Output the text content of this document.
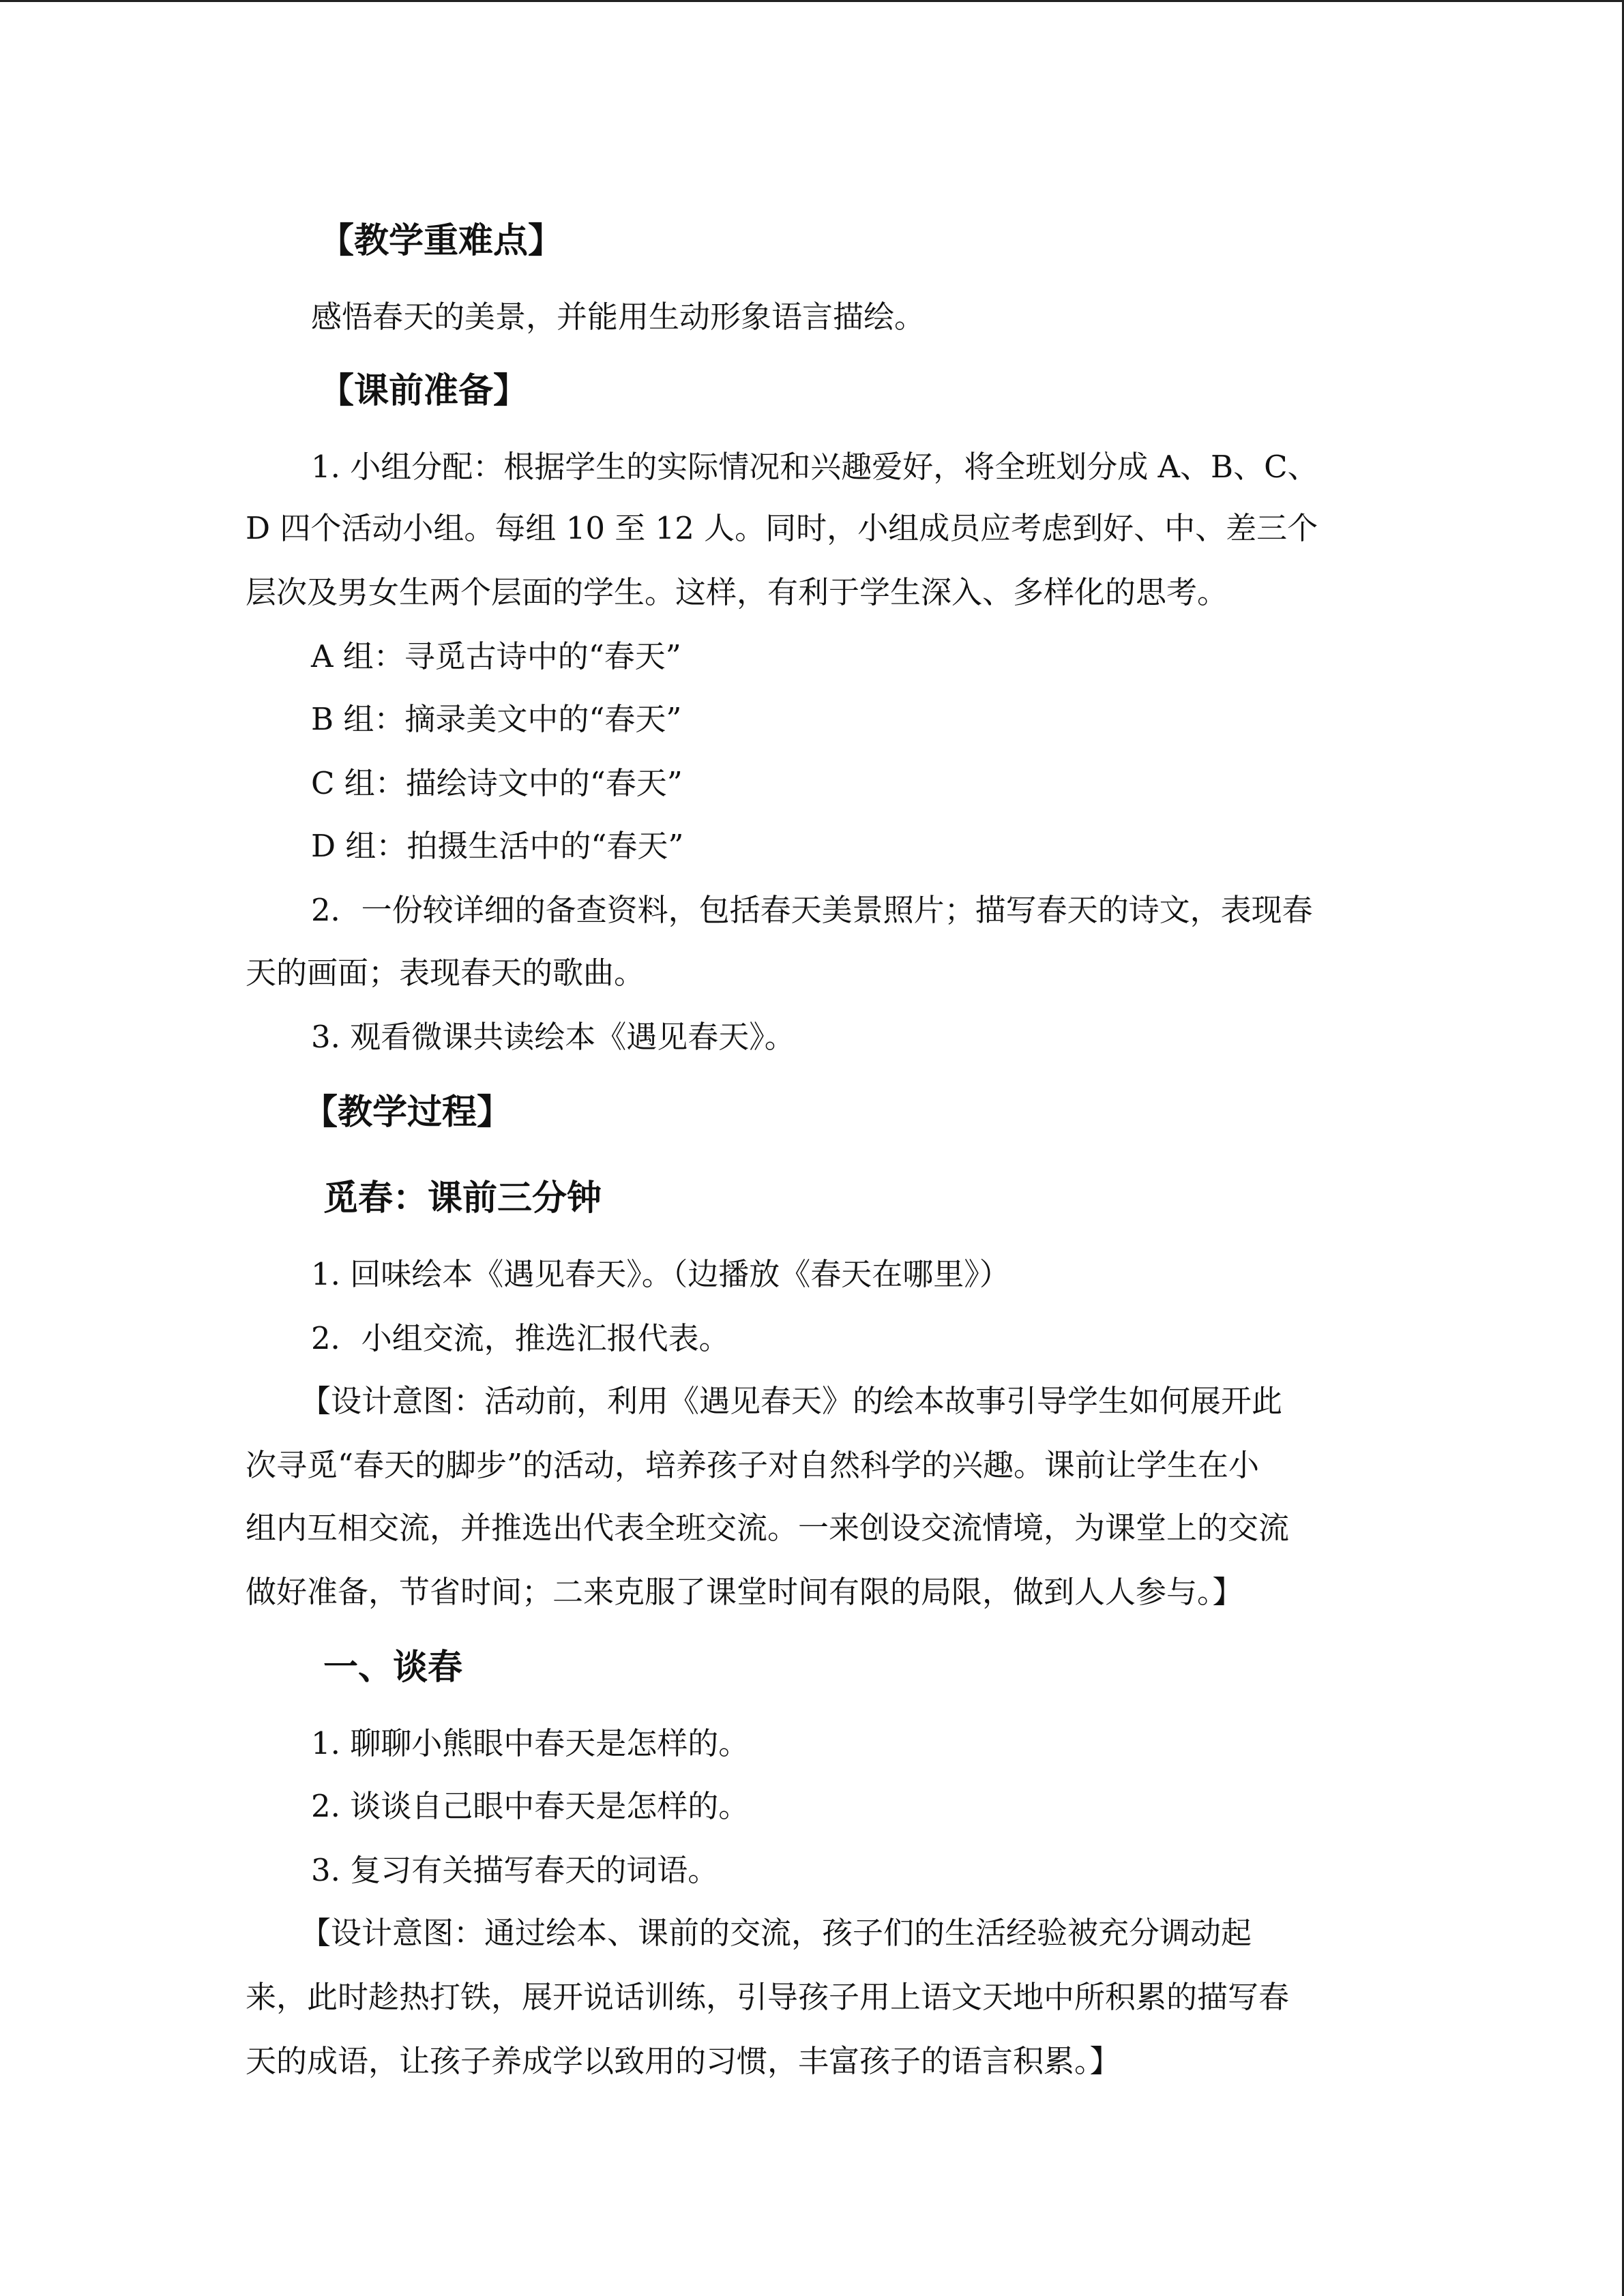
【教学重难点】
感悟春天的美景，并能用生动形象语言描绘。
【课前准备】
1. 小组分配：根据学生的实际情况和兴趣爱好，将全班划分成 A、B、C、
D 四个活动小组。每组 10 至 12 人。同时，小组成员应考虑到好、中、差三个
层次及男女生两个层面的学生。这样，有利于学生深入、多样化的思考。
A 组：寻觅古诗中的“春天”
B 组：摘录美文中的“春天”
C 组：描绘诗文中的“春天”
D 组：拍摄生活中的“春天”
2．一份较详细的备查资料，包括春天美景照片；描写春天的诗文，表现春
天的画面；表现春天的歌曲。
3. 观看微课共读绘本《遇见春天》。
【教学过程】
觅春：课前三分钟
1. 回味绘本《遇见春天》。（边播放《春天在哪里》）
2．小组交流，推选汇报代表。
【设计意图：活动前，利用《遇见春天》的绘本故事引导学生如何展开此
次寻觅“春天的脚步”的活动，培养孩子对自然科学的兴趣。课前让学生在小
组内互相交流，并推选出代表全班交流。一来创设交流情境，为课堂上的交流
做好准备，节省时间；二来克服了课堂时间有限的局限，做到人人参与。】
一、谈春
1. 聊聊小熊眼中春天是怎样的。
2. 谈谈自己眼中春天是怎样的。
3. 复习有关描写春天的词语。
【设计意图：通过绘本、课前的交流，孩子们的生活经验被充分调动起
来，此时趁热打铁，展开说话训练，引导孩子用上语文天地中所积累的描写春
天的成语，让孩子养成学以致用的习惯，丰富孩子的语言积累。】
